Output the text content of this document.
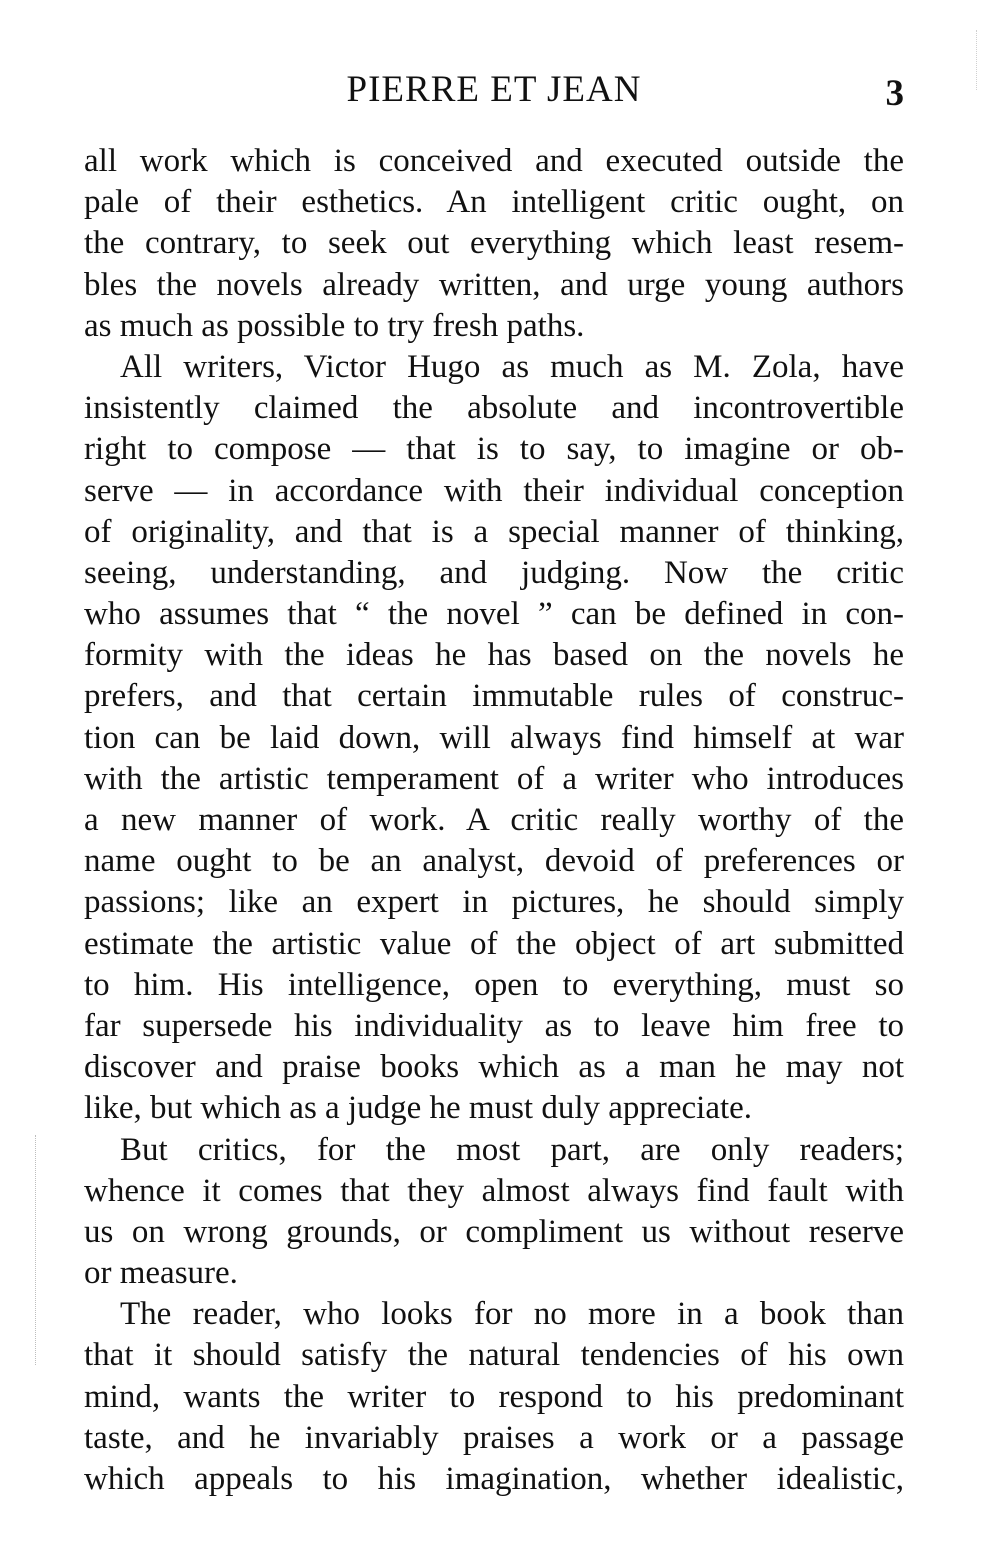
PIERRE ET JEAN	3
all work which is conceived and executed outside the
pale of their esthetics. An intelligent critic ought, on
the contrary, to seek out everything which least resem-
bles the novels already written, and urge young authors
as much as possible to try fresh paths.
All writers, Victor Hugo as much as M. Zola, have
insistently claimed the absolute and incontrovertible
right to compose — that is to say, to imagine or ob-
serve — in accordance with their individual conception
of originality, and that is a special manner of thinking,
seeing, understanding, and judging. Now the critic
who assumes that “ the novel ” can be defined in con-
formity with the ideas he has based on the novels he
prefers, and that certain immutable rules of construc-
tion can be laid down, will always find himself at war
with the artistic temperament of a writer who introduces
a new manner of work. A critic really worthy of the
name ought to be an analyst, devoid of preferences or
passions; like an expert in pictures, he should simply
estimate the artistic value of the object of art submitted
to him. His intelligence, open to everything, must so
far supersede his individuality as to leave him free to
discover and praise books which as a man he may not
like, but which as a judge he must duly appreciate.
But critics, for the most part, are only readers;
whence it comes that they almost always find fault with
us on wrong grounds, or compliment us without reserve
or measure.
The reader, who looks for no more in a book than
that it should satisfy the natural tendencies of his own
mind, wants the writer to respond to his predominant
taste, and he invariably praises a work or a passage
which appeals to his imagination, whether idealistic,
